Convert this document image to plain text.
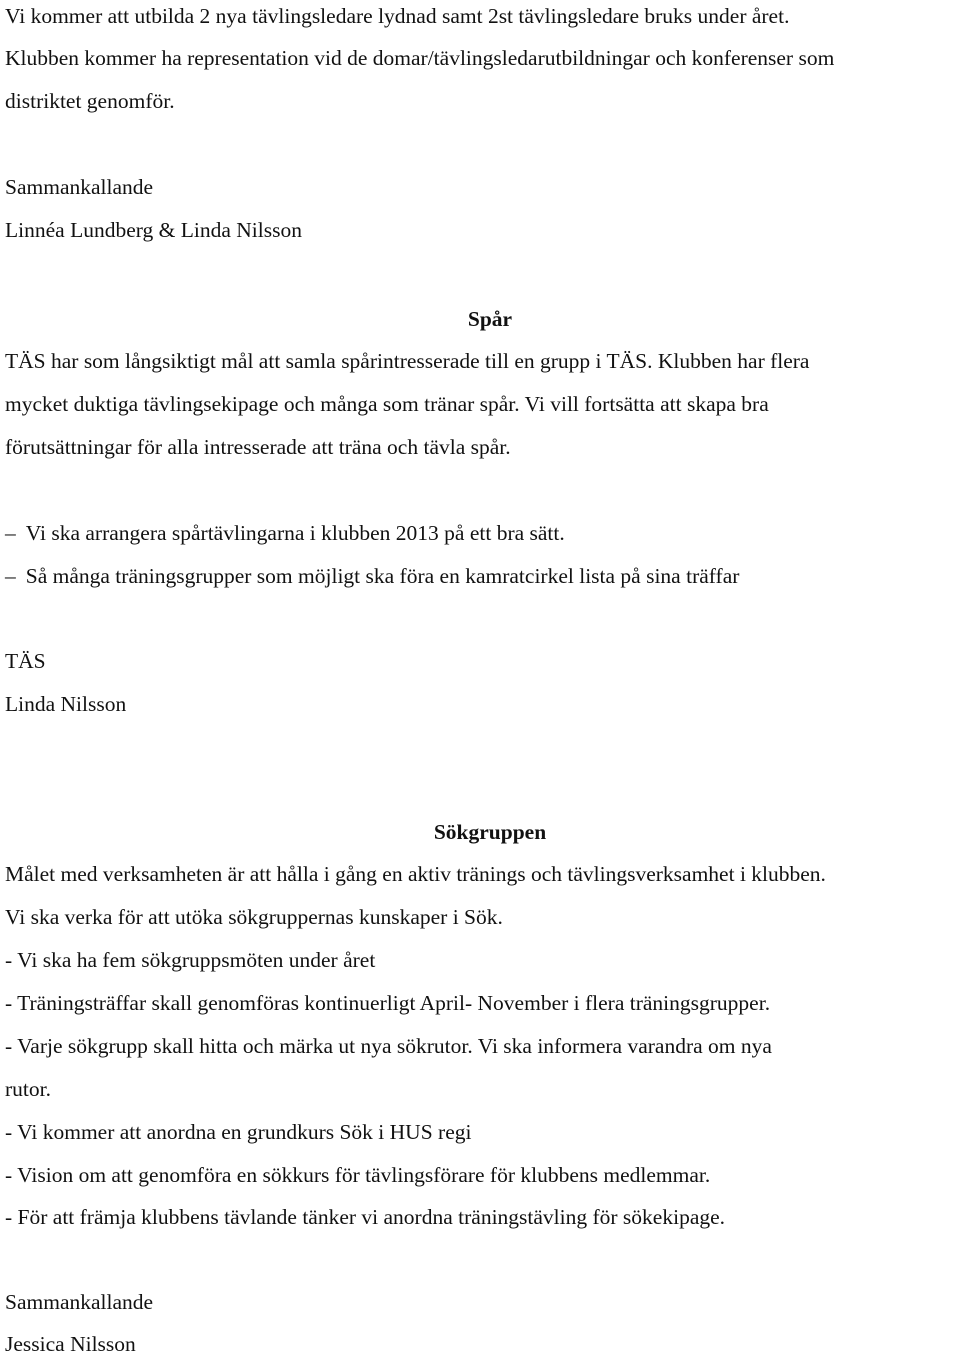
Vi kommer att utbilda 2 nya tävlingsledare lydnad samt 2st tävlingsledare bruks under året.
Klubben kommer ha representation vid de domar/tävlingsledarutbildningar och konferenser som
distriktet genomför.
Sammankallande
Linnéa Lundberg & Linda Nilsson
Spår
TÄS har som långsiktigt mål att samla spårintresserade till en grupp i TÄS. Klubben har flera
mycket duktiga tävlingsekipage och många som tränar spår. Vi vill fortsätta att skapa bra
förutsättningar för alla intresserade att träna och tävla spår.
– Vi ska arrangera spårtävlingarna i klubben 2013 på ett bra sätt.
– Så många träningsgrupper som möjligt ska föra en kamratcirkel lista på sina träffar
TÄS
Linda Nilsson
Sökgruppen
Målet med verksamheten är att hålla i gång en aktiv tränings och tävlingsverksamhet i klubben.
Vi ska verka för att utöka sökgruppernas kunskaper i Sök.
- Vi ska ha fem sökgruppsmöten under året
- Träningsträffar skall genomföras kontinuerligt April- November i flera träningsgrupper.
- Varje sökgrupp skall hitta och märka ut nya sökrutor. Vi ska informera varandra om nya
rutor.
- Vi kommer att anordna en grundkurs Sök i HUS regi
- Vision om att genomföra en sökkurs för tävlingsförare för klubbens medlemmar.
- För att främja klubbens tävlande tänker vi anordna träningstävling för sökekipage.
Sammankallande
Jessica Nilsson
